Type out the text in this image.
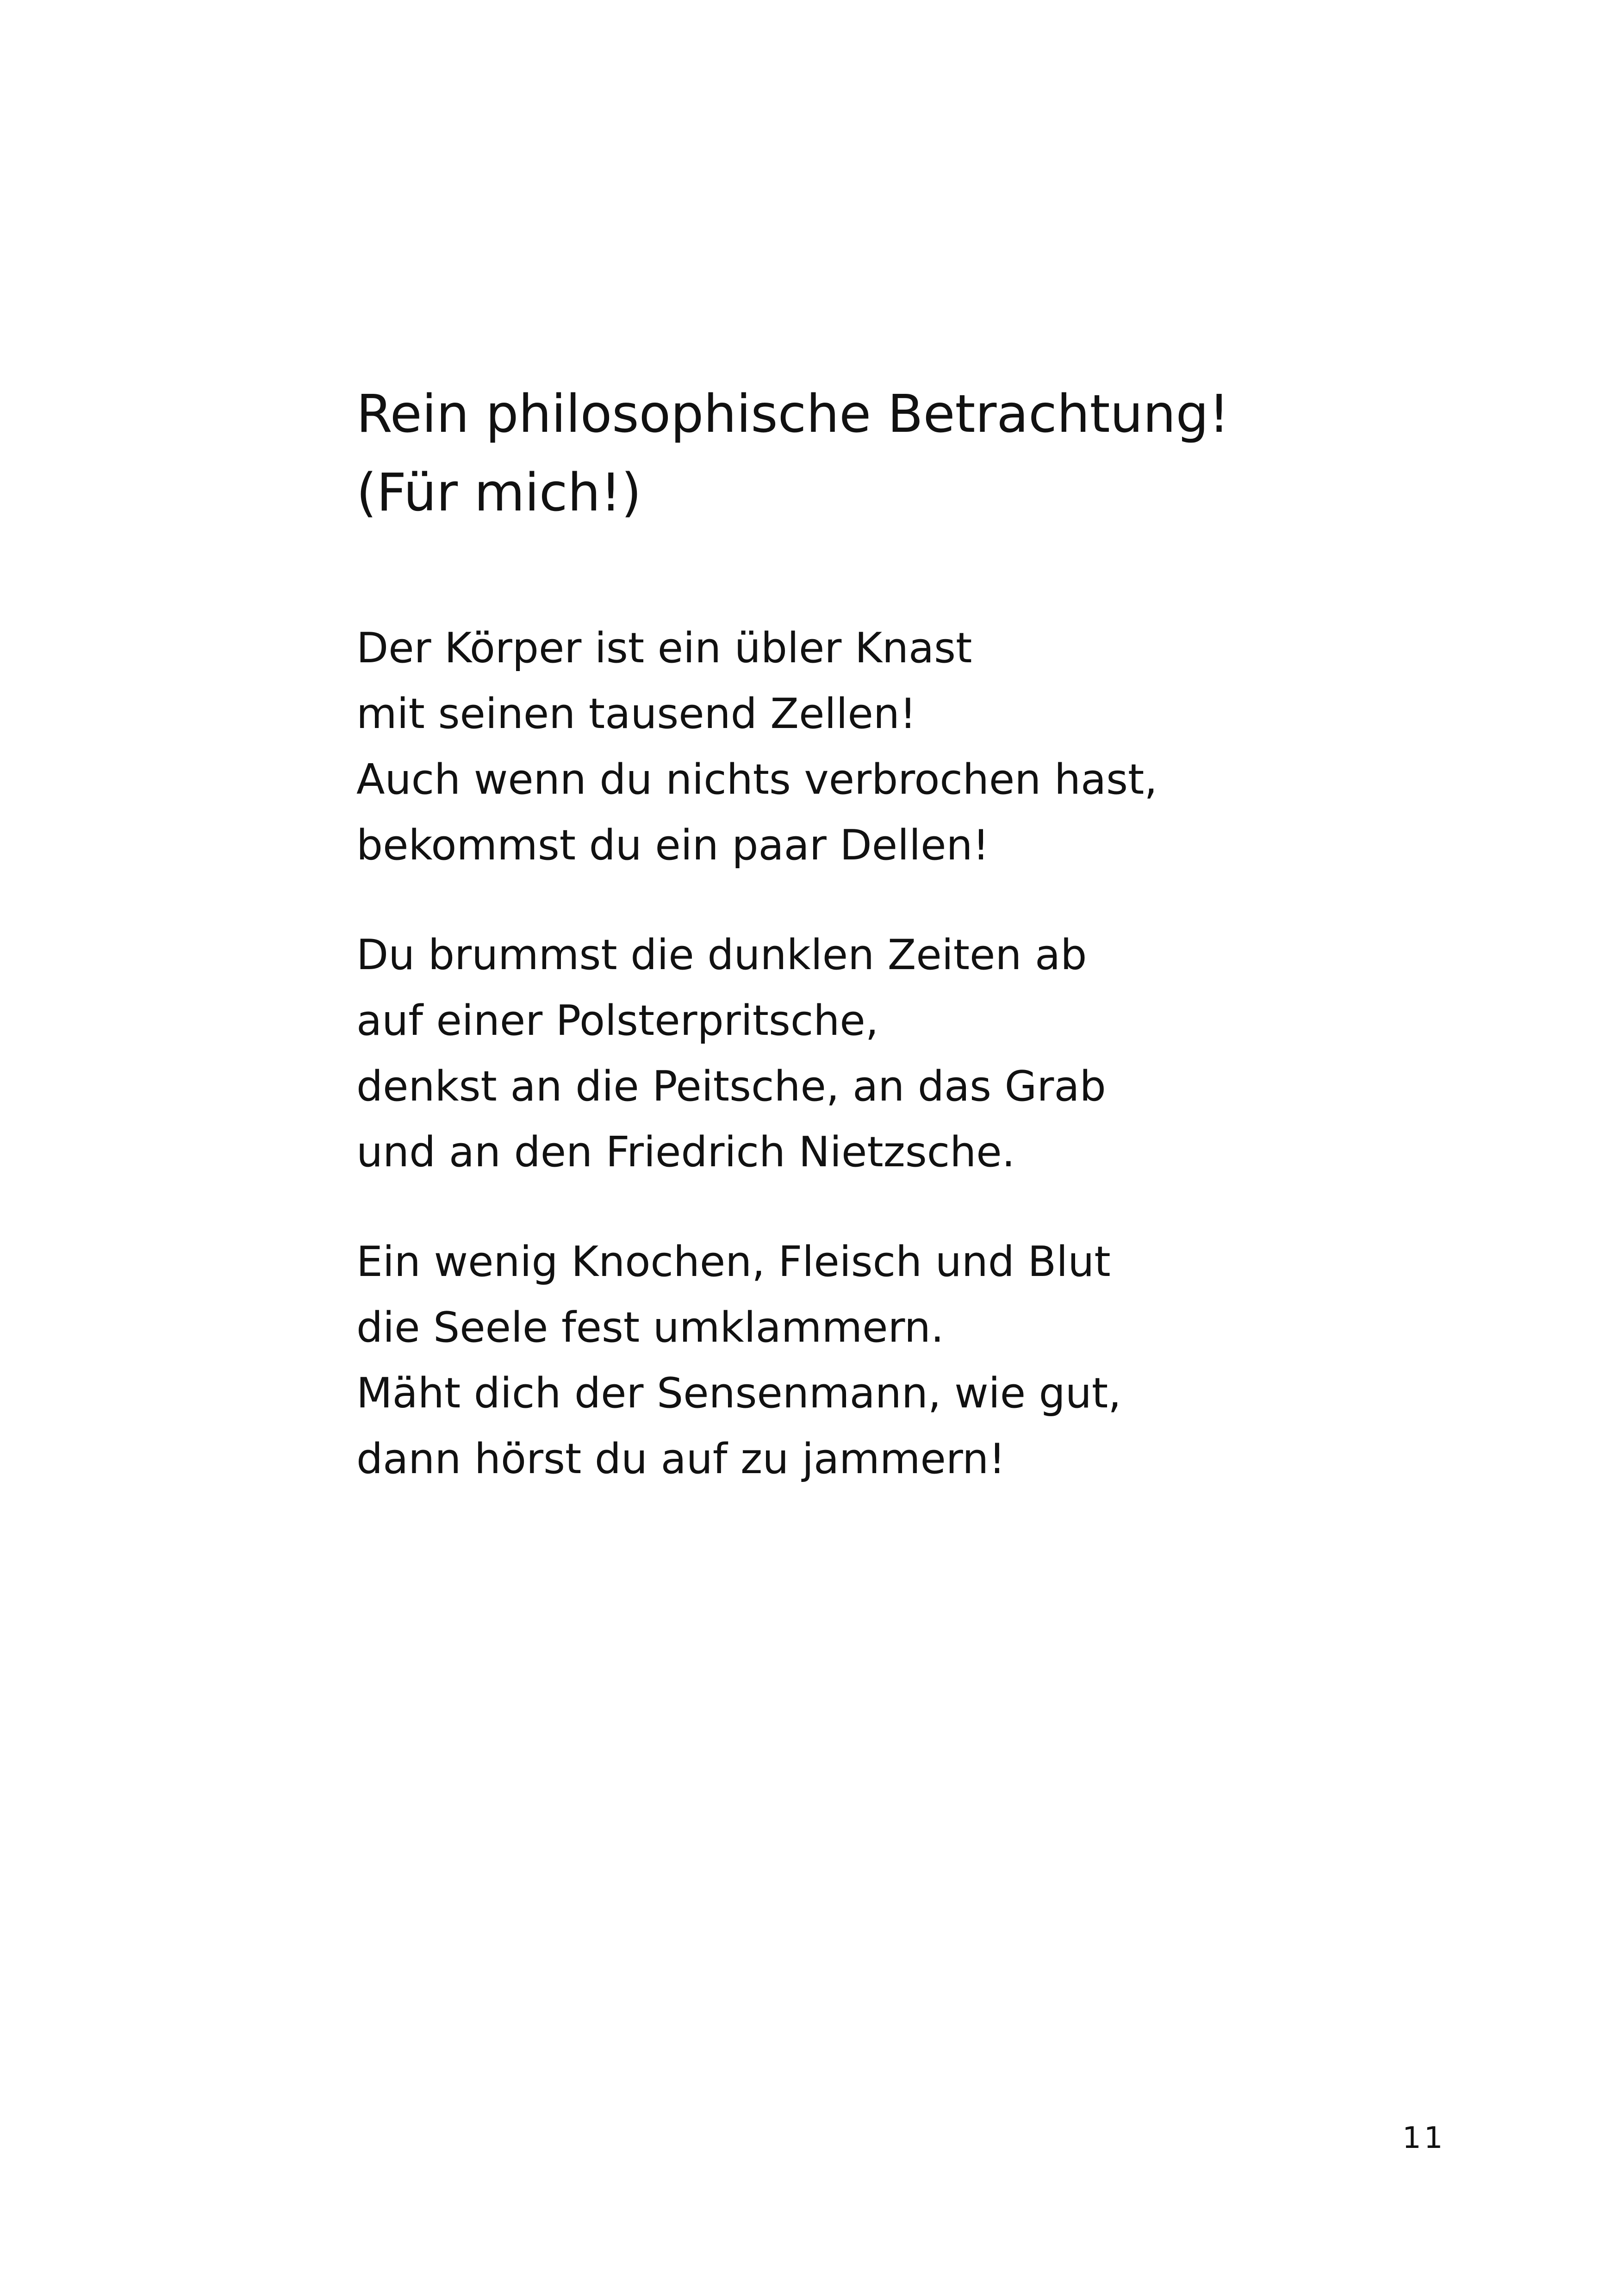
Rein philosophische Betrachtung!
(Für mich!)
Der Körper ist ein übler Knast
mit seinen tausend Zellen!
Auch wenn du nichts verbrochen hast,
bekommst du ein paar Dellen!
Du brummst die dunklen Zeiten ab
auf einer Polsterpritsche,
denkst an die Peitsche, an das Grab
und an den Friedrich Nietzsche.
Ein wenig Knochen, Fleisch und Blut
die Seele fest umklammern.
Mäht dich der Sensenmann, wie gut,
dann hörst du auf zu jammern!
11
